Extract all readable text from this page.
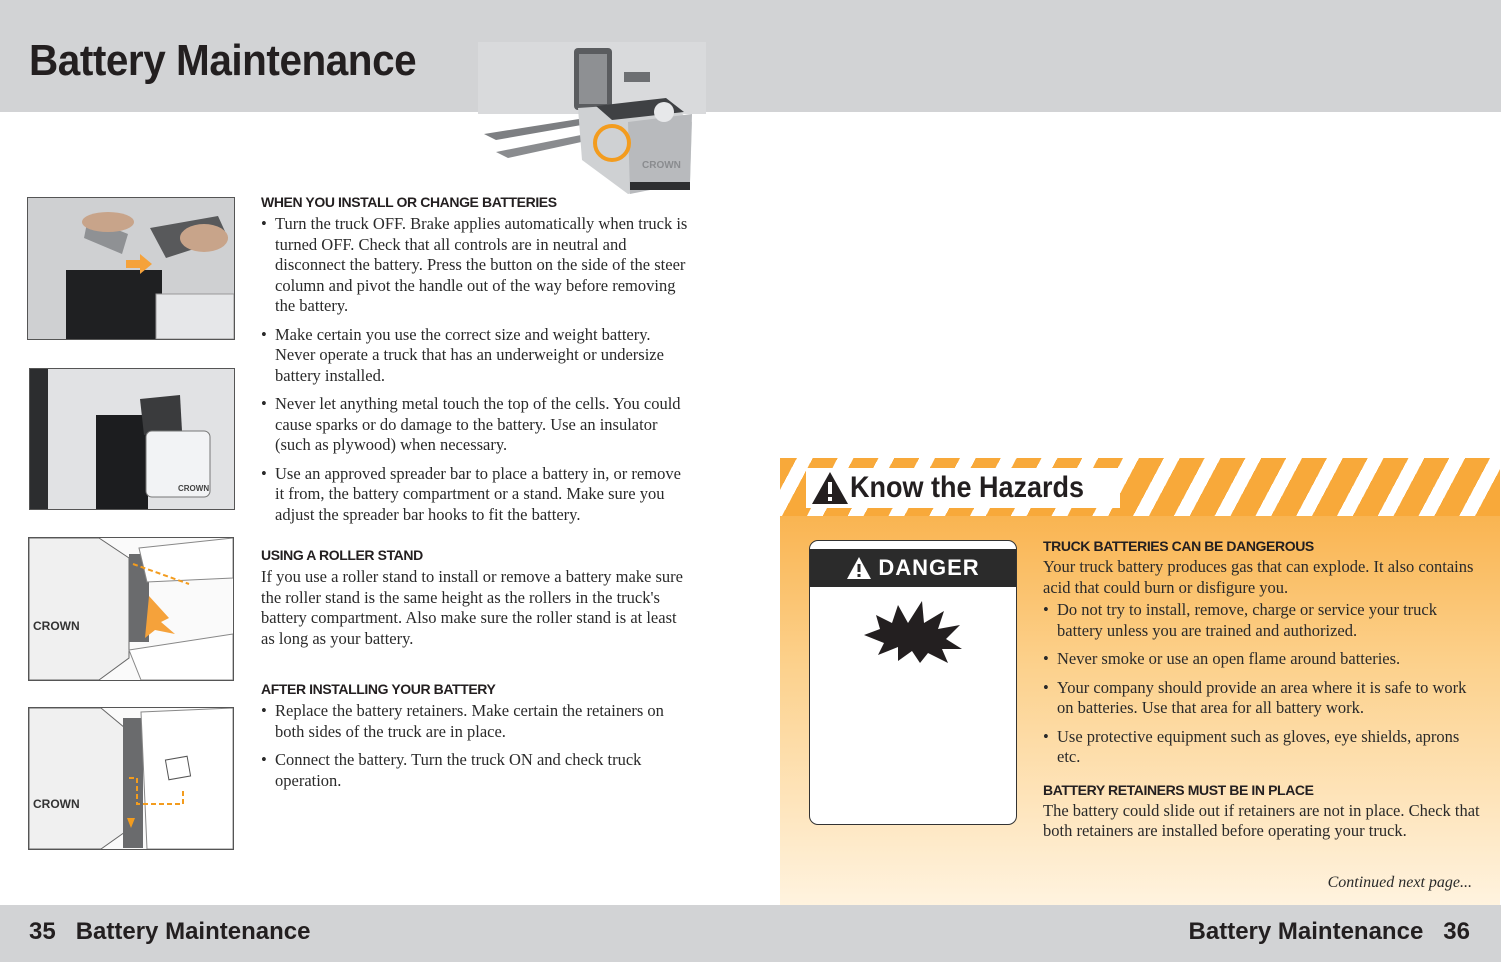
Battery Maintenance
CROWN
CROWN
CROWN
CROWN
WHEN YOU INSTALL OR CHANGE BATTERIES
• Turn the truck OFF. Brake applies automatically when truck is turned OFF. Check that all controls are in neutral and disconnect the battery. Press the button on the side of the steer column and pivot the handle out of the way before removing the battery.
• Make certain you use the correct size and weight battery. Never operate a truck that has an underweight or undersize battery installed.
• Never let anything metal touch the top of the cells. You could cause sparks or do damage to the battery. Use an insulator (such as plywood) when necessary.
• Use an approved spreader bar to place a battery in, or remove it from, the battery compartment or a stand. Make sure you adjust the spreader bar hooks to fit the battery.
USING A ROLLER STAND

If you use a roller stand to install or remove a battery make sure the roller stand is the same height as the rollers in the truck's battery compartment. Also make sure the roller stand is at least as long as your battery.

AFTER INSTALLING YOUR BATTERY
• Replace the battery retainers. Make certain the retainers on both sides of the truck are in place.
• Connect the battery. Turn the truck ON and check truck operation.
Know the Hazards
DANGER
TRUCK BATTERIES CAN BE DANGEROUS

Your truck battery produces gas that can explode. It also contains acid that could burn or disfigure you.

• Do not try to install, remove, charge or service your truck battery unless you are trained and authorized.
• Never smoke or use an open flame around batteries.
• Your company should provide an area where it is safe to work on batteries. Use that area for all battery work.
• Use protective equipment such as gloves, eye shields, aprons etc.
BATTERY RETAINERS MUST BE IN PLACE

The battery could slide out if retainers are not in place. Check that both retainers are installed before operating your truck.

Continued next page...
35 Battery Maintenance	Battery Maintenance 36
